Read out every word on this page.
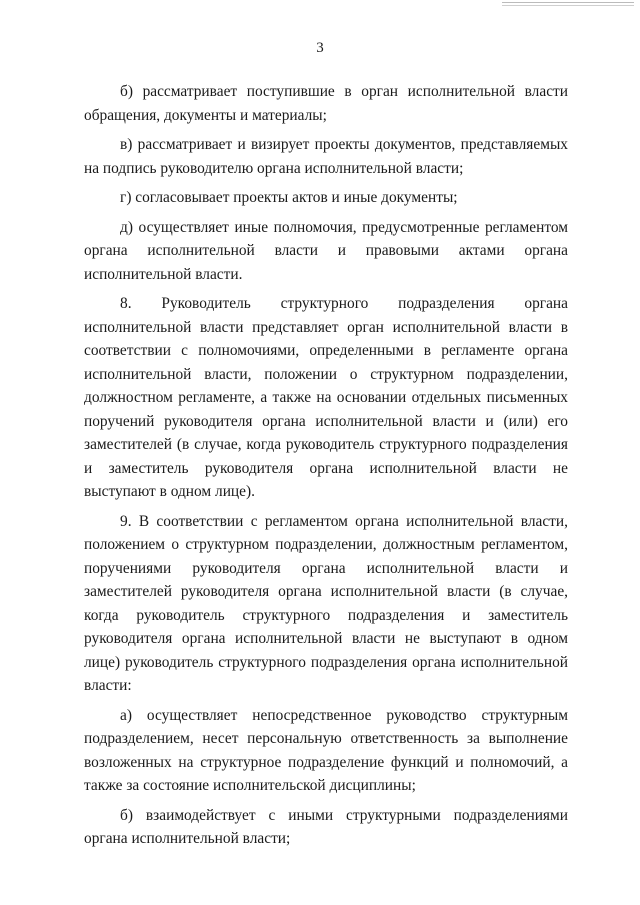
3

б) рассматривает поступившие в орган исполнительной власти обращения, документы и материалы;

в) рассматривает и визирует проекты документов, представляемых на подпись руководителю органа исполнительной власти;

г) согласовывает проекты актов и иные документы;

д) осуществляет иные полномочия, предусмотренные регламентом органа исполнительной власти и правовыми актами органа исполнительной власти.

8. Руководитель структурного подразделения органа исполнительной власти представляет орган исполнительной власти в соответствии с полномочиями, определенными в регламенте органа исполнительной власти, положении о структурном подразделении, должностном регламенте, а также на основании отдельных письменных поручений руководителя органа исполнительной власти и (или) его заместителей (в случае, когда руководитель структурного подразделения и заместитель руководителя органа исполнительной власти не выступают в одном лице).

9. В соответствии с регламентом органа исполнительной власти, положением о структурном подразделении, должностным регламентом, поручениями руководителя органа исполнительной власти и заместителей руководителя органа исполнительной власти (в случае, когда руководитель структурного подразделения и заместитель руководителя органа исполнительной власти не выступают в одном лице) руководитель структурного подразделения органа исполнительной власти:

а) осуществляет непосредственное руководство структурным подразделением, несет персональную ответственность за выполнение возложенных на структурное подразделение функций и полномочий, а также за состояние исполнительской дисциплины;

б) взаимодействует с иными структурными подразделениями органа исполнительной власти;
